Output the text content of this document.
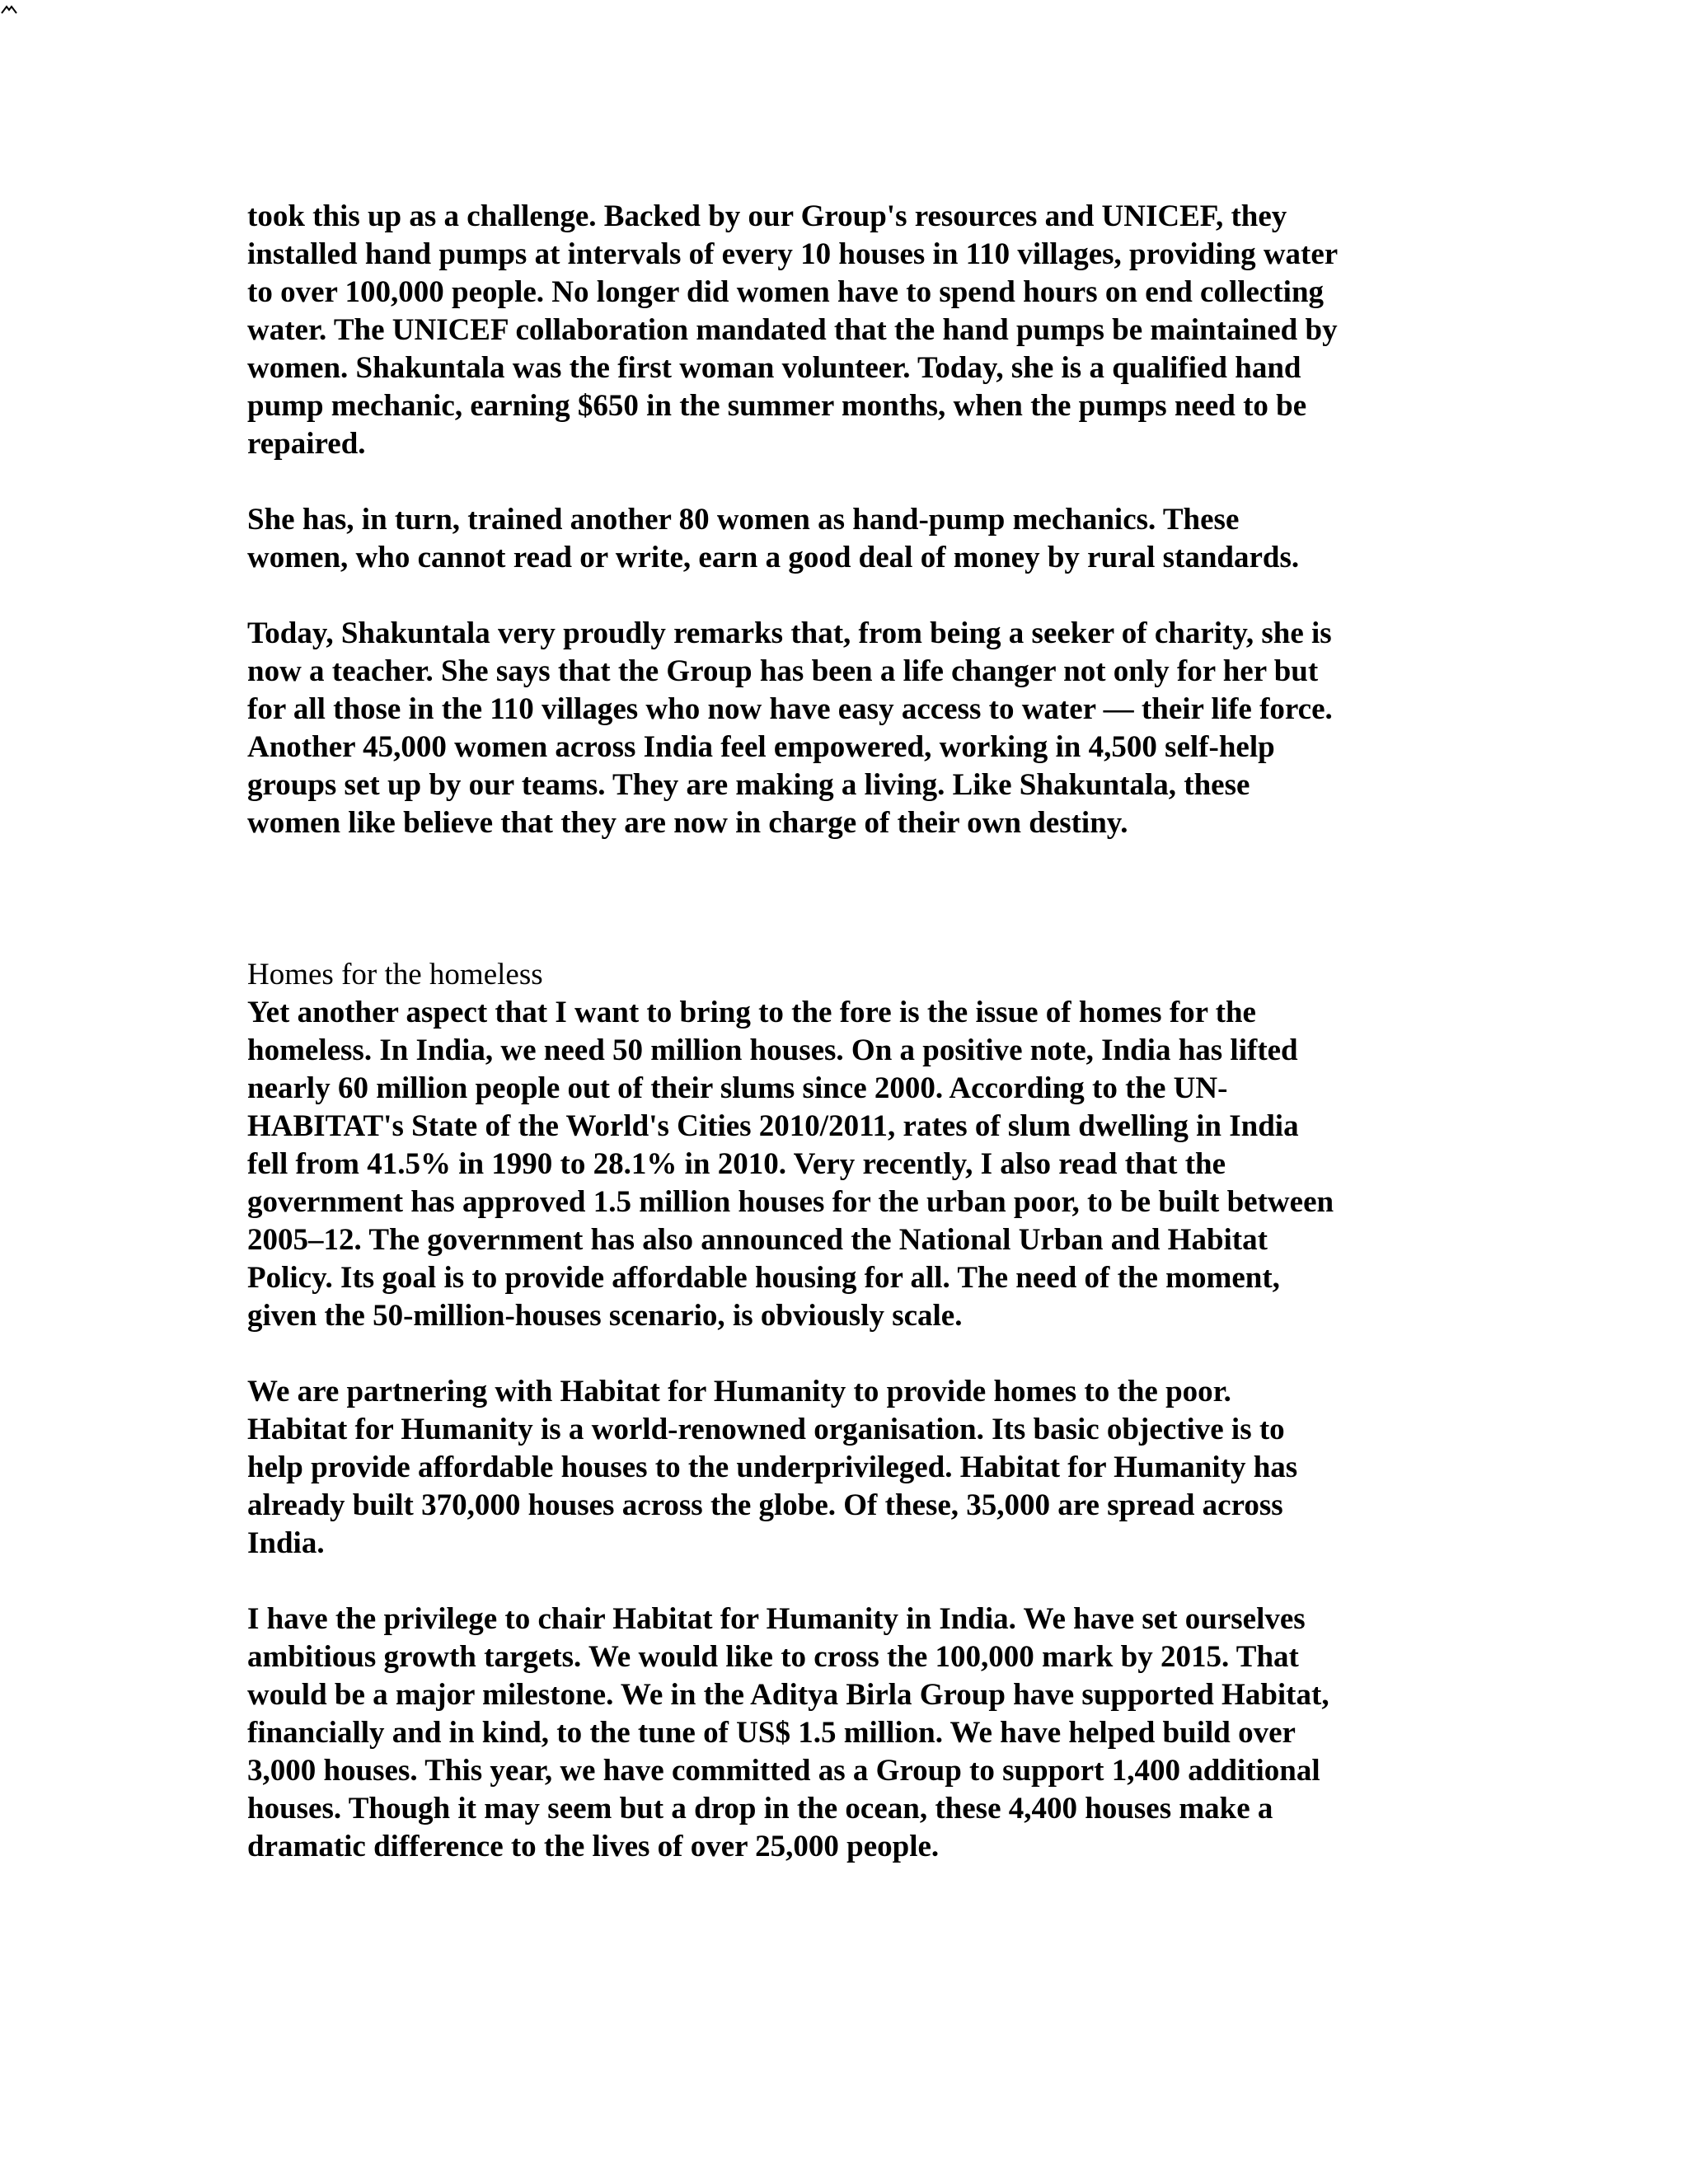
took this up as a challenge. Backed by our Group's resources and UNICEF, they
installed hand pumps at intervals of every 10 houses in 110 villages, providing water
to over 100,000 people. No longer did women have to spend hours on end collecting
water. The UNICEF collaboration mandated that the hand pumps be maintained by
women. Shakuntala was the first woman volunteer. Today, she is a qualified hand
pump mechanic, earning $650 in the summer months, when the pumps need to be
repaired.

She has, in turn, trained another 80 women as hand-pump mechanics. These
women, who cannot read or write, earn a good deal of money by rural standards.

Today, Shakuntala very proudly remarks that, from being a seeker of charity, she is
now a teacher. She says that the Group has been a life changer not only for her but
for all those in the 110 villages who now have easy access to water — their life force.
Another 45,000 women across India feel empowered, working in 4,500 self-help
groups set up by our teams. They are making a living. Like Shakuntala, these
women like believe that they are now in charge of their own destiny.

Homes for the homeless
Yet another aspect that I want to bring to the fore is the issue of homes for the
homeless. In India, we need 50 million houses. On a positive note, India has lifted
nearly 60 million people out of their slums since 2000. According to the UN-
HABITAT's State of the World's Cities 2010/2011, rates of slum dwelling in India
fell from 41.5% in 1990 to 28.1% in 2010. Very recently, I also read that the
government has approved 1.5 million houses for the urban poor, to be built between
2005–12. The government has also announced the National Urban and Habitat
Policy. Its goal is to provide affordable housing for all. The need of the moment,
given the 50-million-houses scenario, is obviously scale.

We are partnering with Habitat for Humanity to provide homes to the poor.
Habitat for Humanity is a world-renowned organisation. Its basic objective is to
help provide affordable houses to the underprivileged. Habitat for Humanity has
already built 370,000 houses across the globe. Of these, 35,000 are spread across
India.

I have the privilege to chair Habitat for Humanity in India. We have set ourselves
ambitious growth targets. We would like to cross the 100,000 mark by 2015. That
would be a major milestone. We in the Aditya Birla Group have supported Habitat,
financially and in kind, to the tune of US$ 1.5 million. We have helped build over
3,000 houses. This year, we have committed as a Group to support 1,400 additional
houses. Though it may seem but a drop in the ocean, these 4,400 houses make a
dramatic difference to the lives of over 25,000 people.
